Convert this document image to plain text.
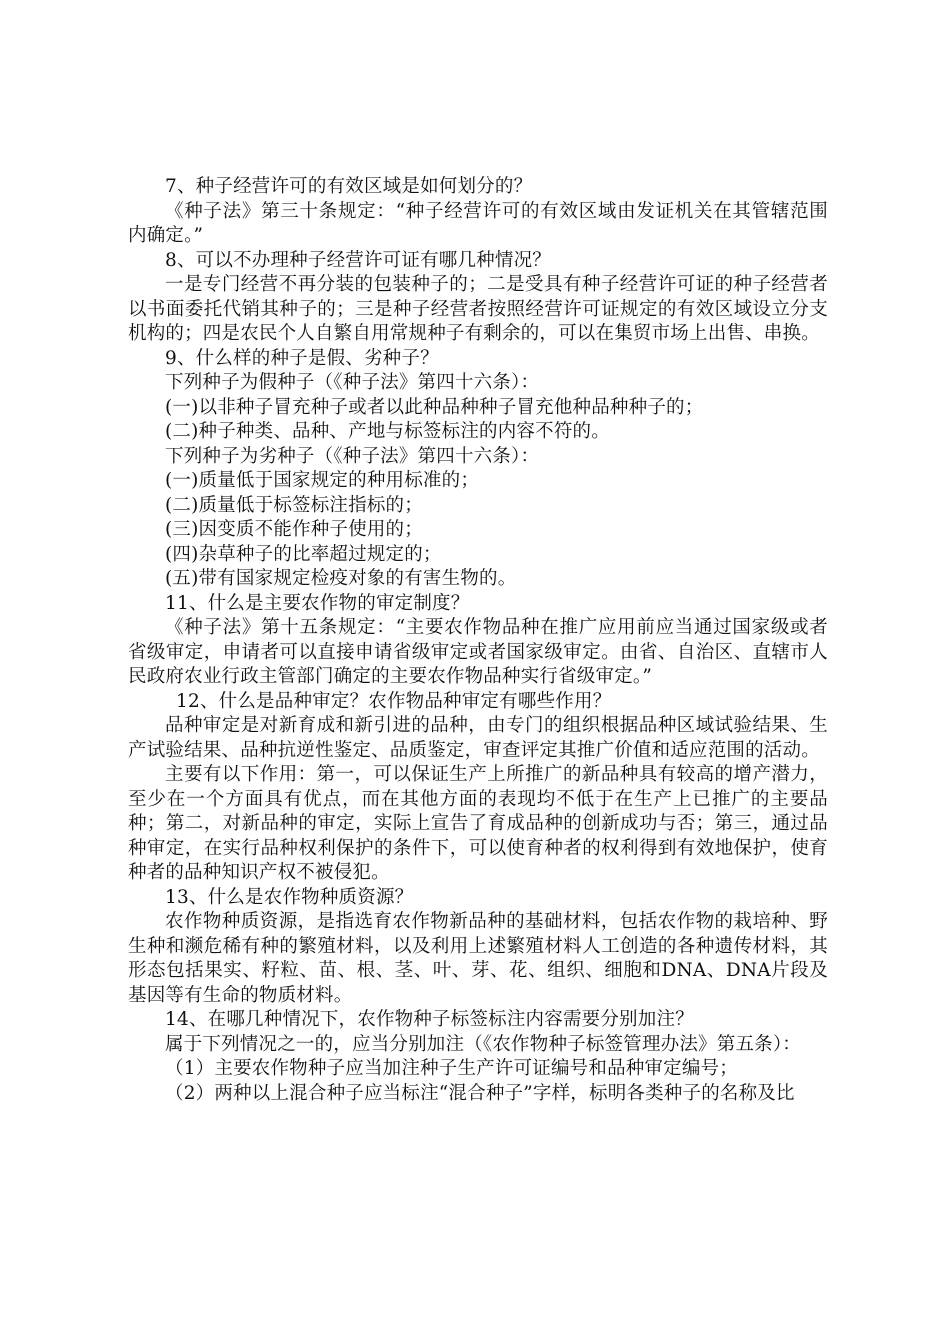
7、种子经营许可的有效区域是如何划分的？

《种子法》第三十条规定：“种子经营许可的有效区域由发证机关在其管辖范围内确定。”

8、可以不办理种子经营许可证有哪几种情况？

一是专门经营不再分装的包装种子的；二是受具有种子经营许可证的种子经营者以书面委托代销其种子的；三是种子经营者按照经营许可证规定的有效区域设立分支机构的；四是农民个人自繁自用常规种子有剩余的，可以在集贸市场上出售、串换。

9、什么样的种子是假、劣种子？

下列种子为假种子（《种子法》第四十六条）：

(一)以非种子冒充种子或者以此种品种种子冒充他种品种种子的；

(二)种子种类、品种、产地与标签标注的内容不符的。

下列种子为劣种子（《种子法》第四十六条）：

(一)质量低于国家规定的种用标准的；

(二)质量低于标签标注指标的；

(三)因变质不能作种子使用的；

(四)杂草种子的比率超过规定的；

(五)带有国家规定检疫对象的有害生物的。

11、什么是主要农作物的审定制度？

《种子法》第十五条规定：“主要农作物品种在推广应用前应当通过国家级或者省级审定，申请者可以直接申请省级审定或者国家级审定。由省、自治区、直辖市人民政府农业行政主管部门确定的主要农作物品种实行省级审定。”

12、什么是品种审定？农作物品种审定有哪些作用？

品种审定是对新育成和新引进的品种，由专门的组织根据品种区域试验结果、生产试验结果、品种抗逆性鉴定、品质鉴定，审查评定其推广价值和适应范围的活动。

主要有以下作用：第一，可以保证生产上所推广的新品种具有较高的增产潜力，至少在一个方面具有优点，而在其他方面的表现均不低于在生产上已推广的主要品种；第二，对新品种的审定，实际上宣告了育成品种的创新成功与否；第三，通过品种审定，在实行品种权利保护的条件下，可以使育种者的权利得到有效地保护，使育种者的品种知识产权不被侵犯。

13、什么是农作物种质资源？

农作物种质资源，是指选育农作物新品种的基础材料，包括农作物的栽培种、野生种和濒危稀有种的繁殖材料，以及利用上述繁殖材料人工创造的各种遗传材料，其形态包括果实、籽粒、苗、根、茎、叶、芽、花、组织、细胞和DNA、DNA片段及基因等有生命的物质材料。

14、在哪几种情况下，农作物种子标签标注内容需要分别加注？

属于下列情况之一的，应当分别加注（《农作物种子标签管理办法》第五条）：

（1）主要农作物种子应当加注种子生产许可证编号和品种审定编号；

（2）两种以上混合种子应当标注“混合种子”字样，标明各类种子的名称及比
